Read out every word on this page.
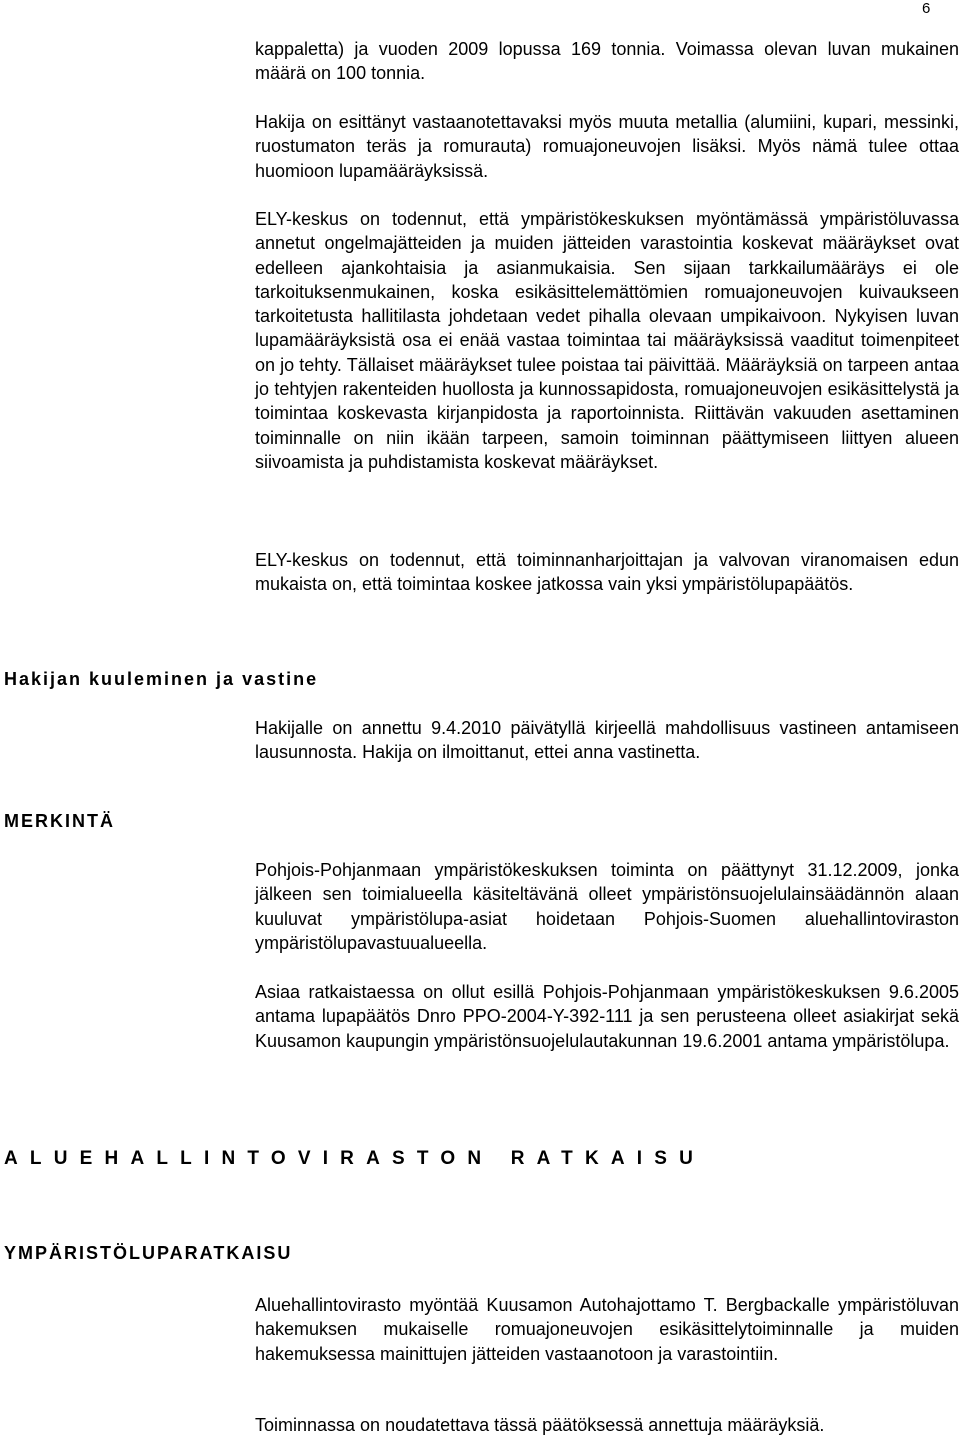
6

kappaletta) ja vuoden 2009 lopussa 169 tonnia. Voimassa olevan luvan mukainen määrä on 100 tonnia.

Hakija on esittänyt vastaanotettavaksi myös muuta metallia (alumiini, kupari, messinki, ruostumaton teräs ja romurauta) romuajoneuvojen lisäksi. Myös nämä tulee ottaa huomioon lupamääräyksissä.

ELY-keskus on todennut, että ympäristökeskuksen myöntämässä ympäristöluvassa annetut ongelmajätteiden ja muiden jätteiden varastointia koskevat määräykset ovat edelleen ajankohtaisia ja asianmukaisia. Sen sijaan tarkkailumääräys ei ole tarkoituksenmukainen, koska esikäsittelemättömien romuajoneuvojen kuivaukseen tarkoitetusta hallitilasta johdetaan vedet pihalla olevaan umpikaivoon. Nykyisen luvan lupamääräyksistä osa ei enää vastaa toimintaa tai määräyksissä vaaditut toimenpiteet on jo tehty. Tällaiset määräykset tulee poistaa tai päivittää. Määräyksiä on tarpeen antaa jo tehtyjen rakenteiden huollosta ja kunnossapidosta, romuajoneuvojen esikäsittelystä ja toimintaa koskevasta kirjanpidosta ja raportoinnista. Riittävän vakuuden asettaminen toiminnalle on niin ikään tarpeen, samoin toiminnan päättymiseen liittyen alueen siivoamista ja puhdistamista koskevat määräykset.

ELY-keskus on todennut, että toiminnanharjoittajan ja valvovan viranomaisen edun mukaista on, että toimintaa koskee jatkossa vain yksi ympäristölupapäätös.

Hakijan kuuleminen ja vastine

Hakijalle on annettu 9.4.2010 päivätyllä kirjeellä mahdollisuus vastineen antamiseen lausunnosta. Hakija on ilmoittanut, ettei anna vastinetta.

MERKINTÄ

Pohjois-Pohjanmaan ympäristökeskuksen toiminta on päättynyt 31.12.2009, jonka jälkeen sen toimialueella käsiteltävänä olleet ympäristönsuojelulainsäädännön alaan kuuluvat ympäristölupa-asiat hoidetaan Pohjois-Suomen aluehallintoviraston ympäristölupavastuualueella.

Asiaa ratkaistaessa on ollut esillä Pohjois-Pohjanmaan ympäristökeskuksen 9.6.2005 antama lupapäätös Dnro PPO-2004-Y-392-111 ja sen perusteena olleet asiakirjat sekä Kuusamon kaupungin ympäristönsuojelulautakunnan 19.6.2001 antama ympäristölupa.

ALUEHALLINTOVIRASTON RATKAISU
YMPÄRISTÖLUPARATKAISU

Aluehallintovirasto myöntää Kuusamon Autohajottamo T. Bergbackalle ympäristöluvan hakemuksen mukaiselle romuajoneuvojen esikäsittelytoiminnalle ja muiden hakemuksessa mainittujen jätteiden vastaanotoon ja varastointiin.

Toiminnassa on noudatettava tässä päätöksessä annettuja määräyksiä.
